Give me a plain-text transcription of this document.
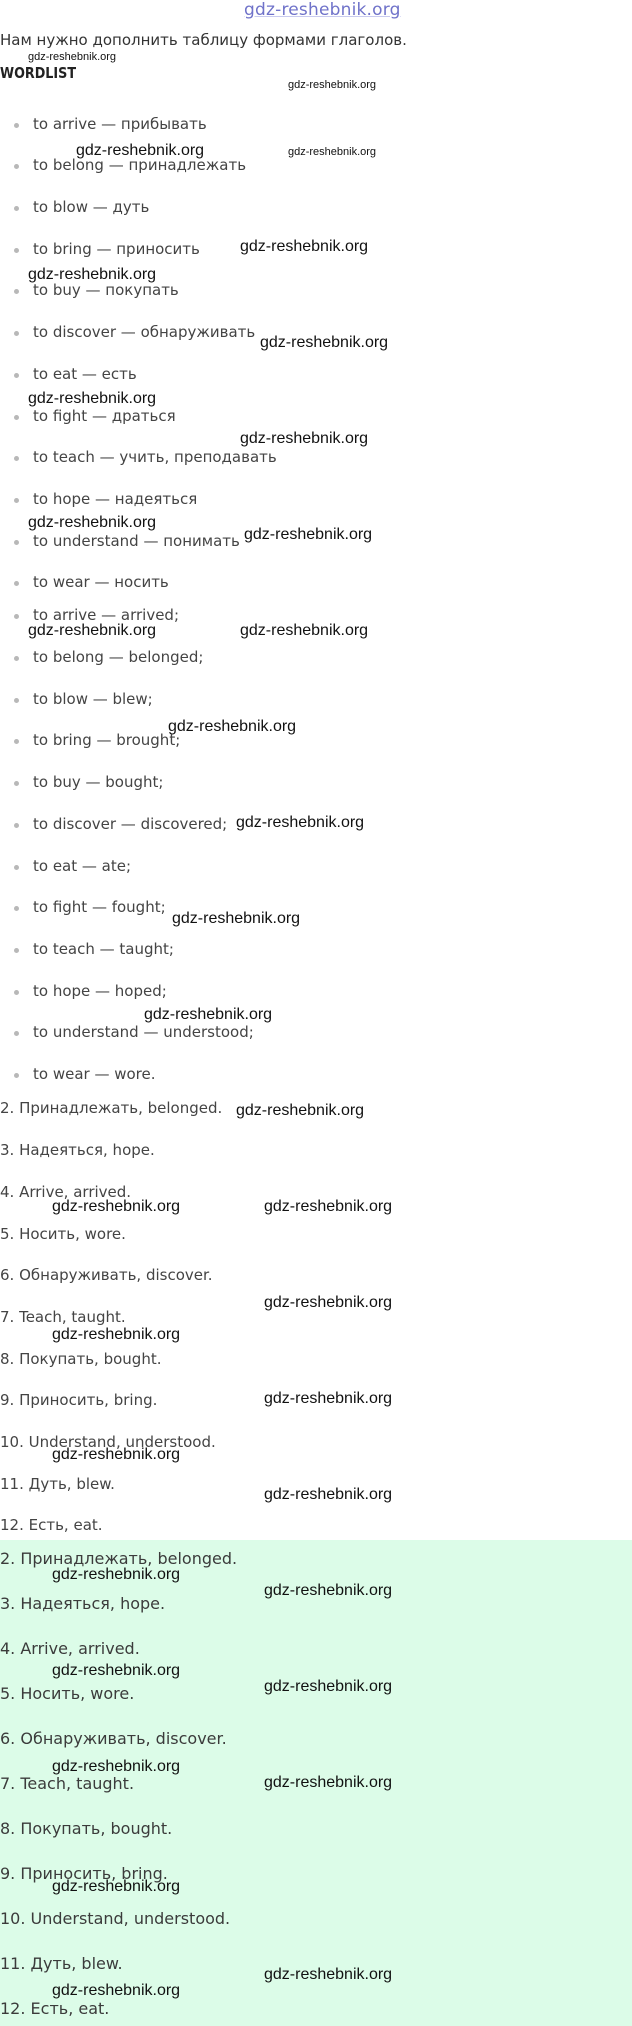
gdz-reshebnik.org
Нам нужно дополнить таблицу формами глаголов.
WORDLIST
to arrive — прибывать
to belong — принадлежать
to blow — дуть
to bring — приносить
to buy — покупать
to discover — обнаруживать
to eat — есть
to fight — драться
to teach — учить, преподавать
to hope — надеяться
to understand — понимать
to wear — носить
to arrive — arrived;
to belong — belonged;
to blow — blew;
to bring — brought;
to buy — bought;
to discover — discovered;
to eat — ate;
to fight — fought;
to teach — taught;
to hope — hoped;
to understand — understood;
to wear — wore.
2. Принадлежать, belonged.
3. Надеяться, hope.
4. Arrive, arrived.
5. Носить, wore.
6. Обнаруживать, discover.
7. Teach, taught.
8. Покупать, bought.
9. Приносить, bring.
10. Understand, understood.
11. Дуть, blew.
12. Есть, eat.
2. Принадлежать, belonged.
3. Надеяться, hope.
4. Arrive, arrived.
5. Носить, wore.
6. Обнаруживать, discover.
7. Teach, taught.
8. Покупать, bought.
9. Приносить, bring.
10. Understand, understood.
11. Дуть, blew.
12. Есть, eat.
gdz-reshebnik.org
gdz-reshebnik.org
gdz-reshebnik.org	gdz-reshebnik.org
gdz-reshebnik.org
gdz-reshebnik.org
gdz-reshebnik.org
gdz-reshebnik.org
gdz-reshebnik.org
gdz-reshebnik.org
gdz-reshebnik.org
gdz-reshebnik.org	gdz-reshebnik.org
gdz-reshebnik.org
gdz-reshebnik.org
gdz-reshebnik.org
gdz-reshebnik.org
gdz-reshebnik.org
gdz-reshebnik.org	gdz-reshebnik.org
gdz-reshebnik.org
gdz-reshebnik.org
gdz-reshebnik.org
gdz-reshebnik.org
gdz-reshebnik.org
gdz-reshebnik.org
gdz-reshebnik.org
gdz-reshebnik.org
gdz-reshebnik.org
gdz-reshebnik.org
gdz-reshebnik.org
gdz-reshebnik.org
gdz-reshebnik.org
gdz-reshebnik.org
